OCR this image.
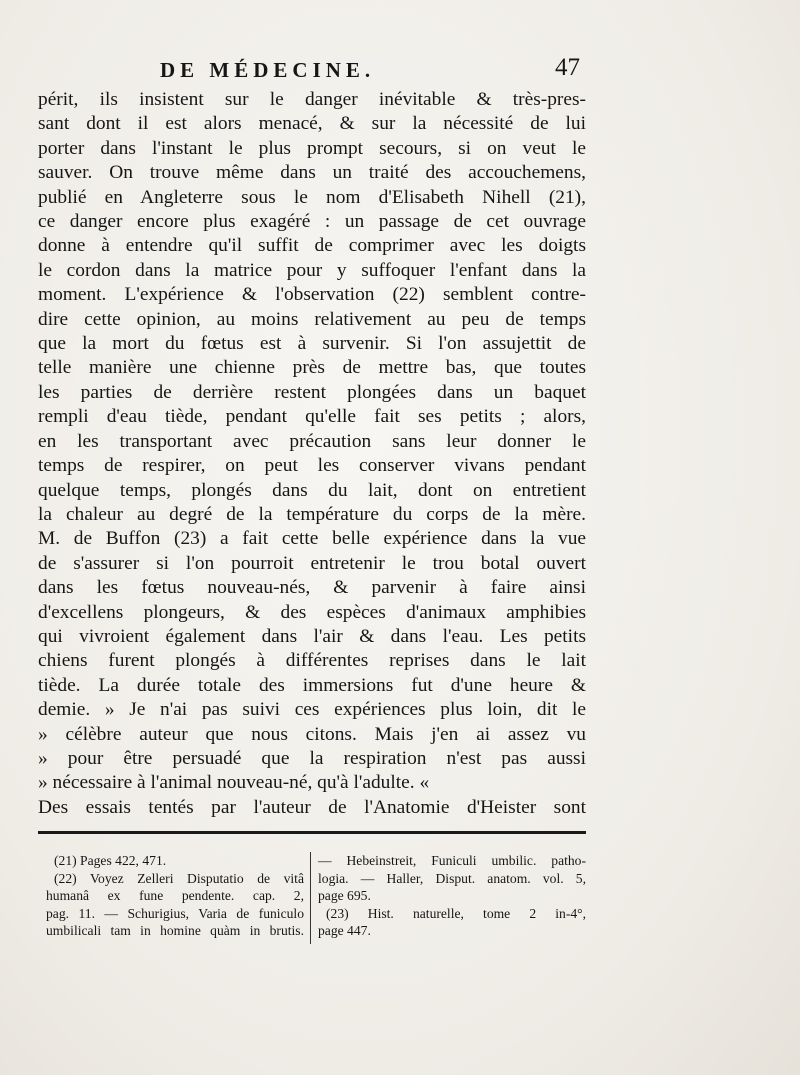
DE MÉDECINE.	47
périt, ils insistent sur le danger inévitable & très-pres-
sant dont il est alors menacé, & sur la nécessité de lui
porter dans l'instant le plus prompt secours, si on veut le
sauver. On trouve même dans un traité des accouchemens,
publié en Angleterre sous le nom d'Elisabeth Nihell (21),
ce danger encore plus exagéré : un passage de cet ouvrage
donne à entendre qu'il suffit de comprimer avec les doigts
le cordon dans la matrice pour y suffoquer l'enfant dans la
moment. L'expérience & l'observation (22) semblent contre-
dire cette opinion, au moins relativement au peu de temps
que la mort du fœtus est à survenir. Si l'on assujettit de
telle manière une chienne près de mettre bas, que toutes
les parties de derrière restent plongées dans un baquet
rempli d'eau tiède, pendant qu'elle fait ses petits ; alors,
en les transportant avec précaution sans leur donner le
temps de respirer, on peut les conserver vivans pendant
quelque temps, plongés dans du lait, dont on entretient
la chaleur au degré de la température du corps de la mère.
M. de Buffon (23) a fait cette belle expérience dans la vue
de s'assurer si l'on pourroit entretenir le trou botal ouvert
dans les fœtus nouveau-nés, & parvenir à faire ainsi
d'excellens plongeurs, & des espèces d'animaux amphibies
qui vivroient également dans l'air & dans l'eau. Les petits
chiens furent plongés à différentes reprises dans le lait
tiède. La durée totale des immersions fut d'une heure &
demie. » Je n'ai pas suivi ces expériences plus loin, dit le
» célèbre auteur que nous citons. Mais j'en ai assez vu
» pour être persuadé que la respiration n'est pas aussi
» nécessaire à l'animal nouveau-né, qu'à l'adulte. «
Des essais tentés par l'auteur de l'Anatomie d'Heister sont
(21) Pages 422, 471.
(22) Voyez Zelleri Disputatio de vitâ
humanâ ex fune pendente. cap. 2,
pag. 11. — Schurigius, Varia de funiculo
umbilicali tam in homine quàm in brutis.
— Hebeinstreit, Funiculi umbilic. patho-
logia. — Haller, Disput. anatom. vol. 5,
page 695.
(23) Hist. naturelle, tome 2 in-4°,
page 447.
